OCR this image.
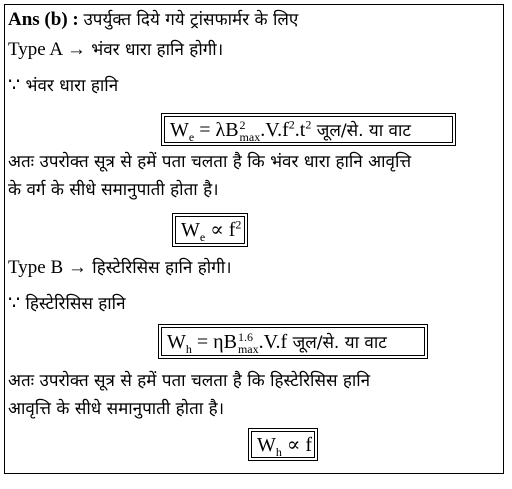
Ans (b) : उपर्युक्त दिये गये ट्रांसफार्मर के लिए
Type A → भंवर धारा हानि होगी।
∵ भंवर धारा हानि
$W_e = \lambda B$ 2
$\max .V.f^2.t^2$ जूल/से. या वाट
अतः उपरोक्त सूत्र से हमें पता चलता है कि भंवर धारा हानि आवृत्ति
के वर्ग के सीधे समानुपाती होता है।
$W_e \propto f^2$
Type B → हिस्टेरिसिस हानि होगी।
∵ हिस्टेरिसिस हानि
$W_h = \eta B$ 1.6
max .V.f जूल/से. या वाट
अतः उपरोक्त सूत्र से हमें पता चलता है कि हिस्टेरिसिस हानि
आवृत्ति के सीधे समानुपाती होता है।
$W_h \propto f$
